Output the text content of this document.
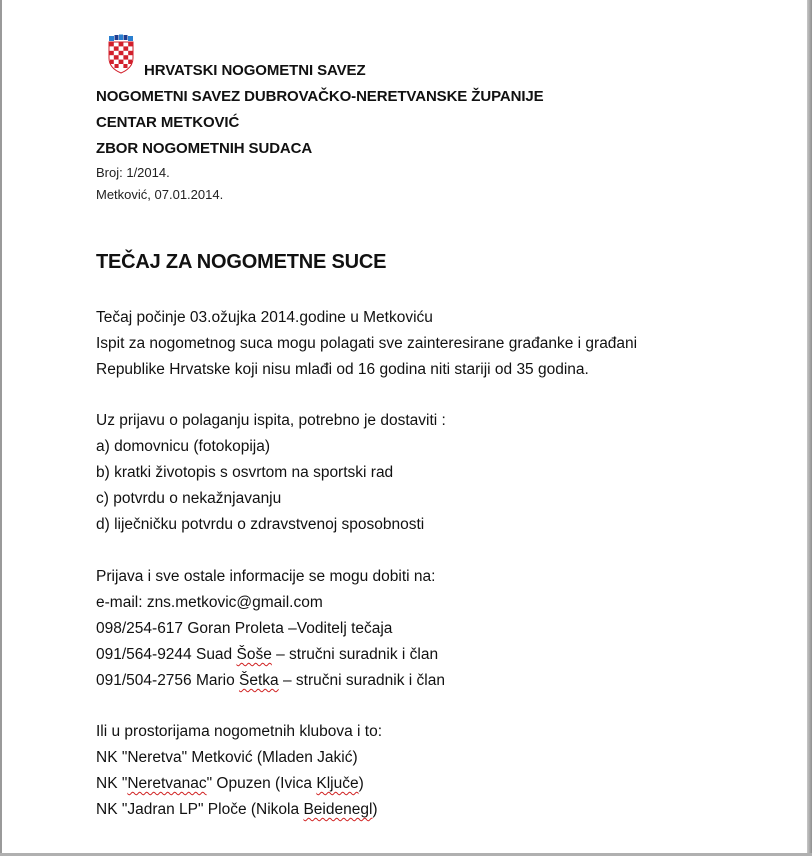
HRVATSKI NOGOMETNI SAVEZ
NOGOMETNI SAVEZ DUBROVAČKO-NERETVANSKE ŽUPANIJE
CENTAR METKOVIĆ
ZBOR NOGOMETNIH SUDACA
Broj: 1/2014.
Metković, 07.01.2014.
TEČAJ ZA NOGOMETNE SUCE
Tečaj počinje 03.ožujka 2014.godine u Metkoviću
Ispit za nogometnog suca mogu polagati sve zainteresirane građanke i građani
Republike Hrvatske koji nisu mlađi od 16 godina niti stariji od 35 godina.
Uz prijavu o polaganju ispita, potrebno je dostaviti :
a) domovnicu (fotokopija)
b) kratki životopis s osvrtom na sportski rad
c) potvrdu o nekažnjavanju
d) liječničku potvrdu o zdravstvenoj sposobnosti
Prijava i sve ostale informacije se mogu dobiti na:
e-mail: zns.metkovic@gmail.com
098/254-617 Goran Proleta –Voditelj tečaja
091/564-9244 Suad Šoše – stručni suradnik i član
091/504-2756 Mario Šetka – stručni suradnik i član
Ili u prostorijama nogometnih klubova i to:
NK "Neretva" Metković (Mladen Jakić)
NK "Neretvanac" Opuzen (Ivica Ključe)
NK "Jadran LP" Ploče (Nikola Beidenegl)
